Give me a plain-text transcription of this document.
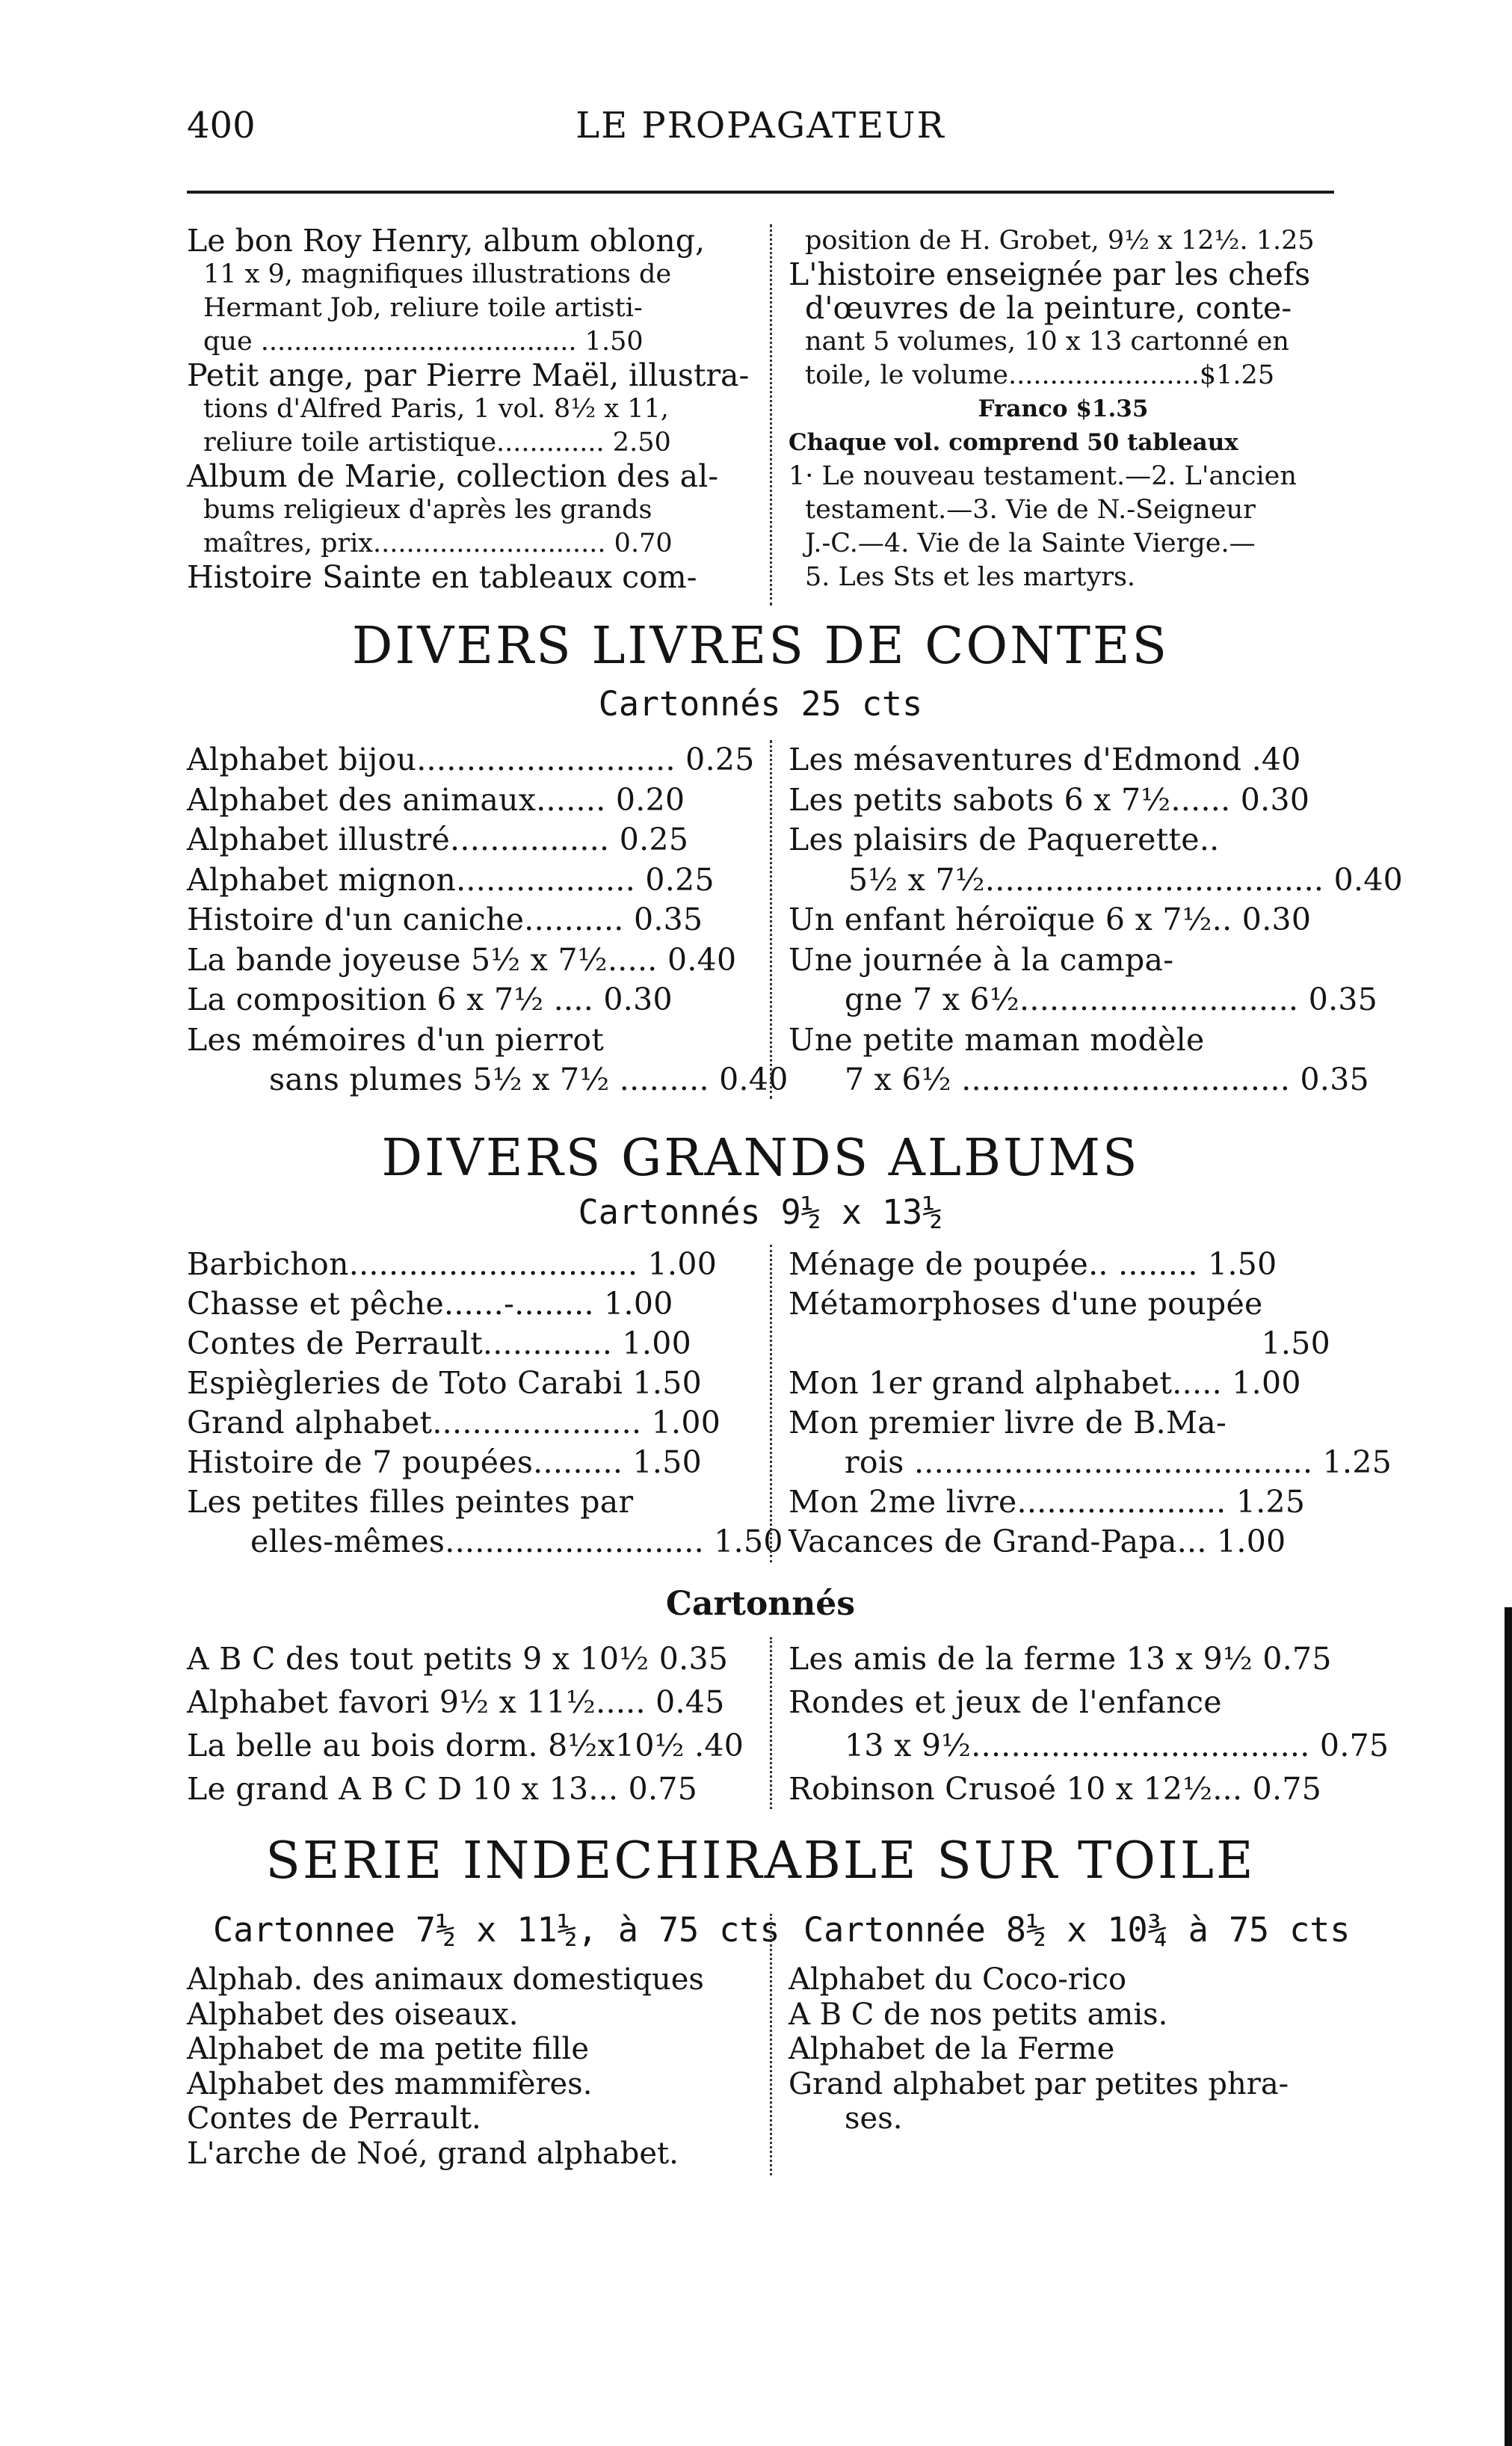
400	LE PROPAGATEUR
Le bon Roy Henry, album oblong,
11 x 9, magnifiques illustrations de
Hermant Job, reliure toile artisti-
que ...................................... 1.50
Petit ange, par Pierre Maël, illustra-
tions d'Alfred Paris, 1 vol. 8½ x 11,
reliure toile artistique............. 2.50
Album de Marie, collection des al-
bums religieux d'après les grands
maîtres, prix............................ 0.70
Histoire Sainte en tableaux com-
position de H. Grobet, 9½ x 12½. 1.25
L'histoire enseignée par les chefs
d'œuvres de la peinture, conte-
nant 5 volumes, 10 x 13 cartonné en
toile, le volume.......................$1.25
Franco $1.35
Chaque vol. comprend 50 tableaux
1· Le nouveau testament.—2. L'ancien
testament.—3. Vie de N.-Seigneur
J.-C.—4. Vie de la Sainte Vierge.—
5. Les Sts et les martyrs.
DIVERS LIVRES DE CONTES
Cartonnés 25 cts
Alphabet bijou.......................... 0.25
Alphabet des animaux....... 0.20
Alphabet illustré................ 0.25
Alphabet mignon.................. 0.25
Histoire d'un caniche.......... 0.35
La bande joyeuse 5½ x 7½..... 0.40
La composition 6 x 7½ .... 0.30
Les mémoires d'un pierrot
sans plumes 5½ x 7½ ......... 0.40
Les mésaventures d'Edmond .40
Les petits sabots 6 x 7½...... 0.30
Les plaisirs de Paquerette..
5½ x 7½.................................. 0.40
Un enfant héroïque 6 x 7½.. 0.30
Une journée à la campa-
gne 7 x 6½............................ 0.35
Une petite maman modèle
7 x 6½ ................................. 0.35
DIVERS GRANDS ALBUMS
Cartonnés 9½ x 13½
Barbichon............................. 1.00
Chasse et pêche......-........ 1.00
Contes de Perrault............. 1.00
Espiègleries de Toto Carabi 1.50
Grand alphabet..................... 1.00
Histoire de 7 poupées......... 1.50
Les petites filles peintes par
elles-mêmes.......................... 1.50
Ménage de poupée.. ........ 1.50
Métamorphoses d'une poupée
1.50
Mon 1er grand alphabet..... 1.00
Mon premier livre de B.Ma-
rois ........................................ 1.25
Mon 2me livre..................... 1.25
Vacances de Grand-Papa... 1.00
Cartonnés
A B C des tout petits 9 x 10½ 0.35
Alphabet favori 9½ x 11½..... 0.45
La belle au bois dorm. 8½x10½ .40
Le grand A B C D 10 x 13... 0.75
Les amis de la ferme 13 x 9½ 0.75
Rondes et jeux de l'enfance
13 x 9½.................................. 0.75
Robinson Crusoé 10 x 12½... 0.75
SERIE INDECHIRABLE SUR TOILE
Cartonnee 7½ x 11½, à 75 cts Cartonnée 8½ x 10¾ à 75 cts
Alphab. des animaux domestiques
Alphabet des oiseaux.
Alphabet de ma petite fille
Alphabet des mammifères.
Contes de Perrault.
L'arche de Noé, grand alphabet.
Alphabet du Coco-rico
A B C de nos petits amis.
Alphabet de la Ferme
Grand alphabet par petites phra-
ses.
